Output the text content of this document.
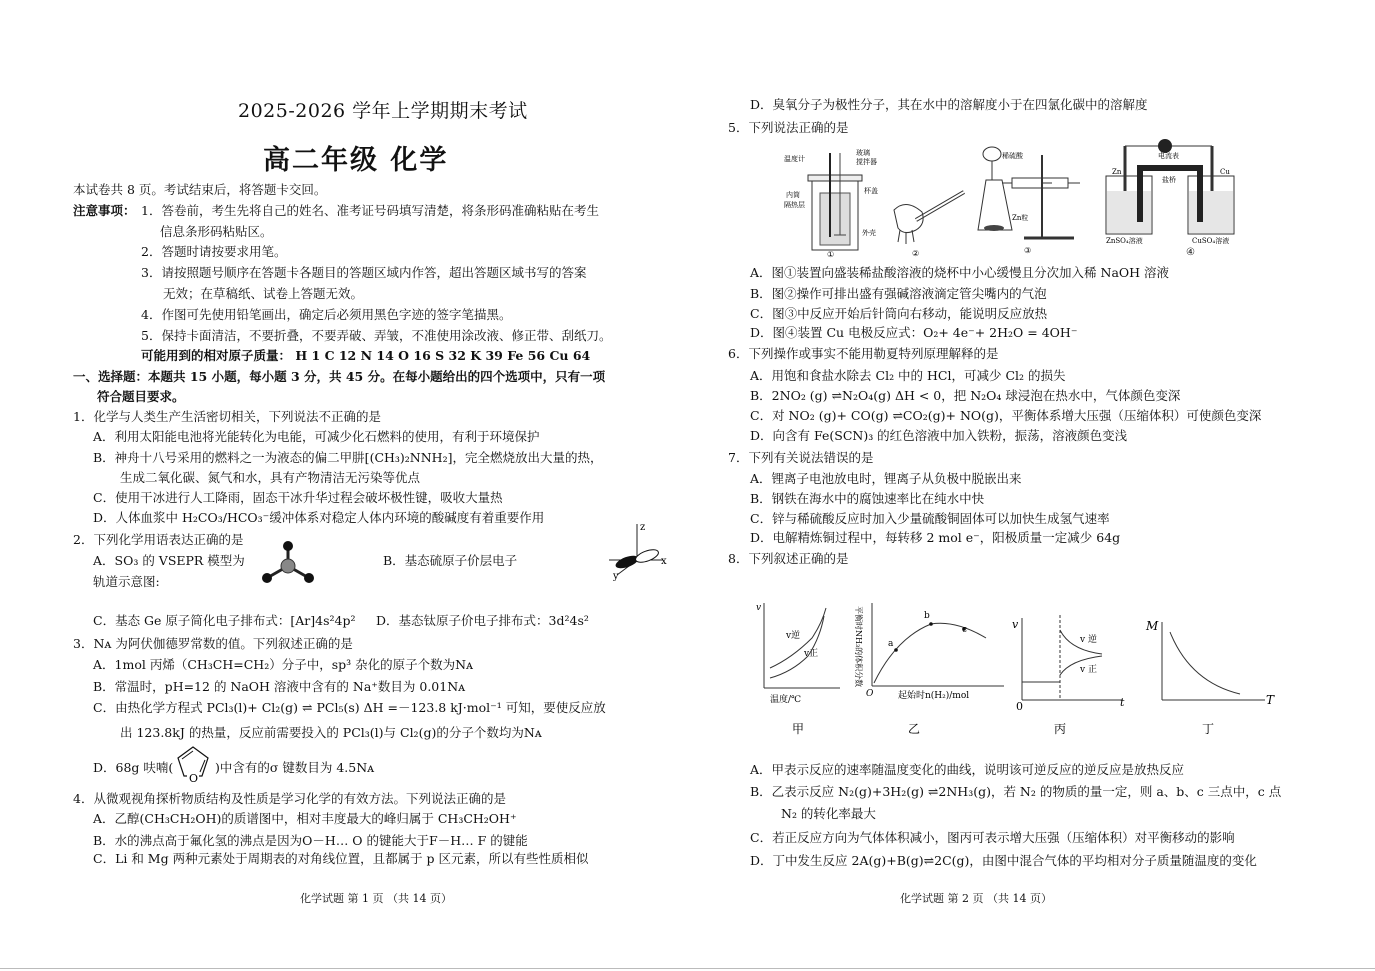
2025-2026 学年上学期期末考试
高二年级 化学
本试卷共 8 页。考试结束后，将答题卡交回。
注意事项： 1．答卷前，考生先将自己的姓名、准考证号码填写清楚，将条形码准确粘贴在考生
信息条形码粘贴区。
2．答题时请按要求用笔。
3．请按照题号顺序在答题卡各题目的答题区域内作答，超出答题区域书写的答案
无效；在草稿纸、试卷上答题无效。
4．作图可先使用铅笔画出，确定后必须用黑色字迹的签字笔描黑。
5．保持卡面清洁，不要折叠，不要弄破、弄皱，不准使用涂改液、修正带、刮纸刀。
可能用到的相对原子质量： H 1 C 12 N 14 O 16 S 32 K 39 Fe 56 Cu 64
一、选择题：本题共 15 小题，每小题 3 分，共 45 分。在每小题给出的四个选项中，只有一项
符合题目要求。
1．化学与人类生产生活密切相关，下列说法不正确的是
A．利用太阳能电池将光能转化为电能，可减少化石燃料的使用，有利于环境保护
B．神舟十八号采用的燃料之一为液态的偏二甲肼[(CH₃)₂NNH₂]，完全燃烧放出大量的热，
生成二氧化碳、氮气和水，具有产物清洁无污染等优点
C．使用干冰进行人工降雨，固态干冰升华过程会破坏极性键，吸收大量热
D．人体血浆中 H₂CO₃/HCO₃⁻缓冲体系对稳定人体内环境的酸碱度有着重要作用
2．下列化学用语表达正确的是
A．SO₃ 的 VSEPR 模型为
轨道示意图:
B．基态硫原子价层电子
z
x
y
C．基态 Ge 原子简化电子排布式：[Ar]4s²4p² D．基态钛原子价电子排布式：3d²4s²
3．Nᴀ 为阿伏伽德罗常数的值。下列叙述正确的是
A．1mol 丙烯（CH₃CH=CH₂）分子中，sp³ 杂化的原子个数为Nᴀ
B．常温时，pH=12 的 NaOH 溶液中含有的 Na⁺数目为 0.01Nᴀ
C．由热化学方程式 PCl₃(l)+ Cl₂(g) ⇌ PCl₅(s) ΔH =－123.8 kJ·mol⁻¹ 可知，要使反应放
出 123.8kJ 的热量，反应前需要投入的 PCl₃(l)与 Cl₂(g)的分子个数均为Nᴀ
D．68g 呋喃(
O
)中含有的σ 键数目为 4.5Nᴀ
4．从微观视角探析物质结构及性质是学习化学的有效方法。下列说法正确的是
A．乙醇(CH₃CH₂OH)的质谱图中，相对丰度最大的峰归属于 CH₃CH₂OH⁺
B．水的沸点高于氟化氢的沸点是因为O－H… O 的键能大于F－H… F 的键能
C．Li 和 Mg 两种元素处于周期表的对角线位置，且都属于 p 区元素，所以有些性质相似
化学试题 第 1 页 （共 14 页）
D．臭氧分子为极性分子，其在水中的溶解度小于在四氯化碳中的溶解度
5．下列说法正确的是
温度计
玻璃
搅拌器
内筒
隔热层
杯盖
外壳
①	②
稀硫酸
Zn粒
③
电流表
盐桥
Zn	Cu
ZnSO₄溶液	CuSO₄溶液
④
A．图①装置向盛装稀盐酸溶液的烧杯中小心缓慢且分次加入稀 NaOH 溶液
B．图②操作可排出盛有强碱溶液滴定管尖嘴内的气泡
C．图③中反应开始后针筒向右移动，能说明反应放热
D．图④装置 Cu 电极反应式：O₂+ 4e⁻+ 2H₂O = 4OH⁻
6．下列操作或事实不能用勒夏特列原理解释的是
A．用饱和食盐水除去 Cl₂ 中的 HCl，可减少 Cl₂ 的损失
B．2NO₂ (g) ⇌N₂O₄(g) ΔH < 0，把 N₂O₄ 球浸泡在热水中，气体颜色变深
C．对 NO₂ (g)+ CO(g) ⇌CO₂(g)+ NO(g)，平衡体系增大压强（压缩体积）可使颜色变深
D．向含有 Fe(SCN)₃ 的红色溶液中加入铁粉，振荡，溶液颜色变浅
7．下列有关说法错误的是
A．锂离子电池放电时，锂离子从负极中脱嵌出来
B．钢铁在海水中的腐蚀速率比在纯水中快
C．锌与稀硫酸反应时加入少量硫酸铜固体可以加快生成氢气速率
D．电解精炼铜过程中，每转移 2 mol e⁻，阳极质量一定减少 64g
8．下列叙述正确的是
v
v逆
v正
温度/℃
甲
平衡时NH₃的体积分数	a
b
c
O	起始时n(H₂)/mol
乙
v
v 逆
v 正
t
0
丙
M
T
丁
A．甲表示反应的速率随温度变化的曲线，说明该可逆反应的逆反应是放热反应
B．乙表示反应 N₂(g)+3H₂(g) ⇌2NH₃(g)，若 N₂ 的物质的量一定，则 a、b、c 三点中，c 点
N₂ 的转化率最大
C．若正反应方向为气体体积减小，图丙可表示增大压强（压缩体积）对平衡移动的影响
D．丁中发生反应 2A(g)+B(g)⇌2C(g)，由图中混合气体的平均相对分子质量随温度的变化
化学试题 第 2 页 （共 14 页）
